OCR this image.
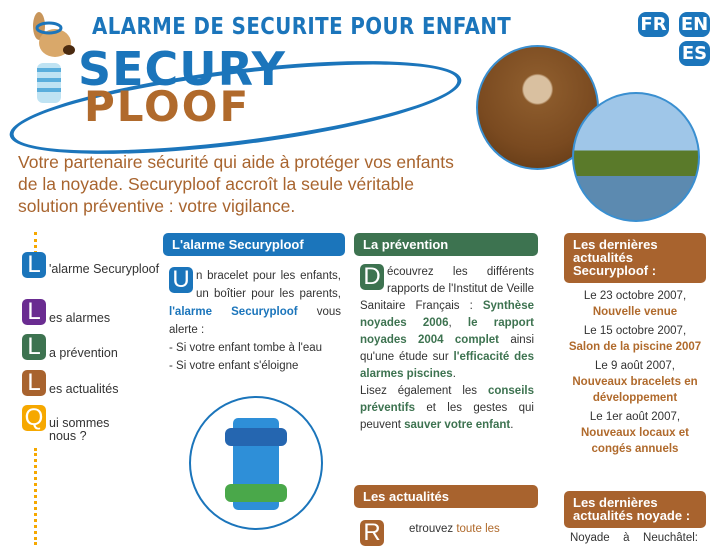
ALARME DE SECURITE POUR ENFANT
SECURY
PLOOF
FR EN
ES
Votre partenaire sécurité qui aide à protéger vos enfants de la noyade. Securyploof accroît la seule véritable solution préventive : votre vigilance.
L 'alarme Securyploof
L es alarmes
L a prévention
L es actualités
Q ui sommes nous ?
L'alarme Securyploof
U n bracelet pour les enfants, un boîtier pour les parents, l'alarme Securyploof vous alerte :
- Si votre enfant tombe à l'eau
- Si votre enfant s'éloigne
La prévention
D écouvrez les différents rapports de l'Institut de Veille Sanitaire Français : Synthèse noyades 2006, le rapport noyades 2004 complet ainsi qu'une étude sur l'efficacité des alarmes piscines.
Lisez également les conseils préventifs et les gestes qui peuvent sauver votre enfant.
Les actualités
R etrouvez toute les
Les dernières actualités Securyploof :

Le 23 octobre 2007,
Nouvelle venue

Le 15 octobre 2007,
Salon de la piscine 2007

Le 9 août 2007,
Nouveaux bracelets en développement

Le 1er août 2007,
Nouveaux locaux et congés annuels

Les dernières actualités noyade :
Noyade à Neuchâtel:
